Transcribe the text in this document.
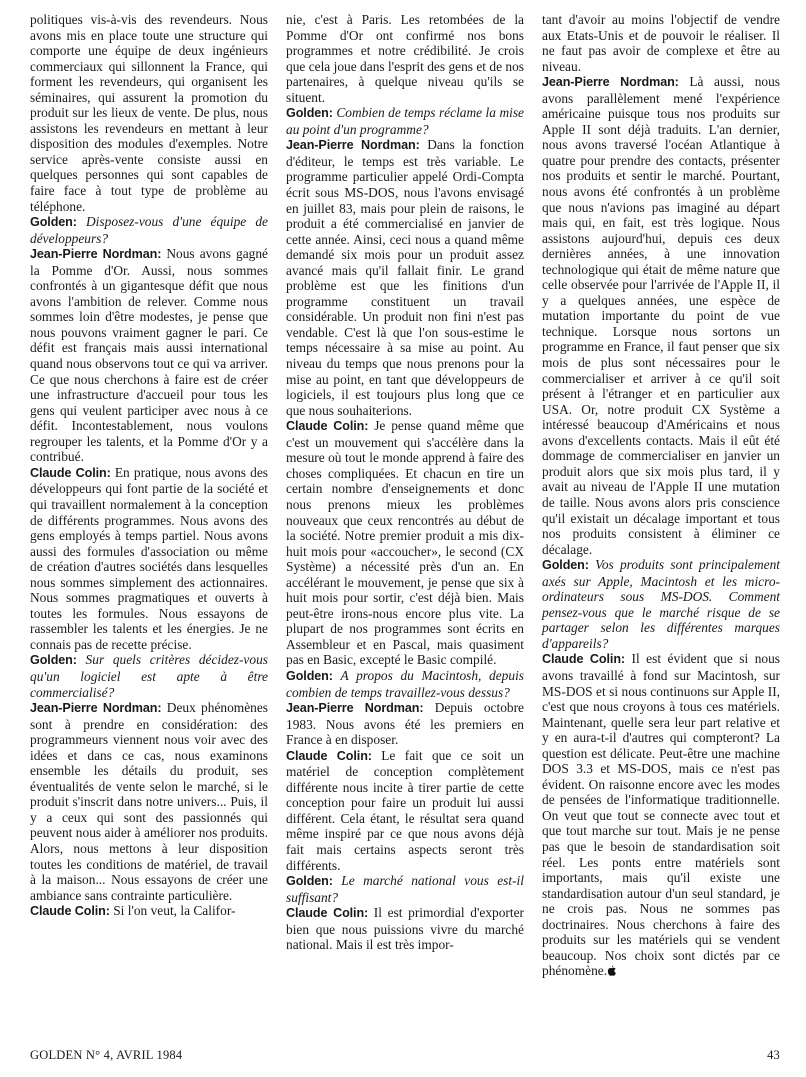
politiques vis-à-vis des revendeurs. Nous avons mis en place toute une structure qui comporte une équipe de deux ingénieurs commerciaux qui sillonnent la France, qui forment les revendeurs, qui organisent les séminaires, qui assurent la promotion du produit sur les lieux de vente. De plus, nous assistons les revendeurs en mettant à leur disposition des modules d'exemples. Notre service après-vente consiste aussi en quelques personnes qui sont capables de faire face à tout type de problème au téléphone.

Golden: Disposez-vous d'une équipe de développeurs?

Jean-Pierre Nordman: Nous avons gagné la Pomme d'Or. Aussi, nous sommes confrontés à un gigantesque défit que nous avons l'ambition de relever. Comme nous sommes loin d'être modestes, je pense que nous pouvons vraiment gagner le pari. Ce défit est français mais aussi international quand nous observons tout ce qui va arriver. Ce que nous cherchons à faire est de créer une infrastructure d'accueil pour tous les gens qui veulent participer avec nous à ce défit. Incontestablement, nous voulons regrouper les talents, et la Pomme d'Or y a contribué.

Claude Colin: En pratique, nous avons des développeurs qui font partie de la société et qui travaillent normalement à la conception de différents programmes. Nous avons des gens employés à temps partiel. Nous avons aussi des formules d'association ou même de création d'autres sociétés dans lesquelles nous sommes simplement des actionnaires. Nous sommes pragmatiques et ouverts à toutes les formules. Nous essayons de rassembler les talents et les énergies. Je ne connais pas de recette précise.

Golden: Sur quels critères décidez-vous qu'un logiciel est apte à être commercialisé?

Jean-Pierre Nordman: Deux phénomènes sont à prendre en considération: des programmeurs viennent nous voir avec des idées et dans ce cas, nous examinons ensemble les détails du produit, ses éventualités de vente selon le marché, si le produit s'inscrit dans notre univers... Puis, il y a ceux qui sont des passionnés qui peuvent nous aider à améliorer nos produits. Alors, nous mettons à leur disposition toutes les conditions de matériel, de travail à la maison... Nous essayons de créer une ambiance sans contrainte particulière.

Claude Colin: Si l'on veut, la Califor-

nie, c'est à Paris. Les retombées de la Pomme d'Or ont confirmé nos bons programmes et notre crédibilité. Je crois que cela joue dans l'esprit des gens et de nos partenaires, à quelque niveau qu'ils se situent.

Golden: Combien de temps réclame la mise au point d'un programme?

Jean-Pierre Nordman: Dans la fonction d'éditeur, le temps est très variable. Le programme particulier appelé Ordi-Compta écrit sous MS-DOS, nous l'avons envisagé en juillet 83, mais pour plein de raisons, le produit a été commercialisé en janvier de cette année. Ainsi, ceci nous a quand même demandé six mois pour un produit assez avancé mais qu'il fallait finir. Le grand problème est que les finitions d'un programme constituent un travail considérable. Un produit non fini n'est pas vendable. C'est là que l'on sous-estime le temps nécessaire à sa mise au point. Au niveau du temps que nous prenons pour la mise au point, en tant que développeurs de logiciels, il est toujours plus long que ce que nous souhaiterions.

Claude Colin: Je pense quand même que c'est un mouvement qui s'accélère dans la mesure où tout le monde apprend à faire des choses compliquées. Et chacun en tire un certain nombre d'enseignements et donc nous prenons mieux les problèmes nouveaux que ceux rencontrés au début de la société. Notre premier produit a mis dix-huit mois pour «accoucher», le second (CX Système) a nécessité près d'un an. En accélérant le mouvement, je pense que six à huit mois pour sortir, c'est déjà bien. Mais peut-être irons-nous encore plus vite. La plupart de nos programmes sont écrits en Assembleur et en Pascal, mais quasiment pas en Basic, excepté le Basic compilé.

Golden: A propos du Macintosh, depuis combien de temps travaillez-vous dessus?

Jean-Pierre Nordman: Depuis octobre 1983. Nous avons été les premiers en France à en disposer.

Claude Colin: Le fait que ce soit un matériel de conception complètement différente nous incite à tirer partie de cette conception pour faire un produit lui aussi différent. Cela étant, le résultat sera quand même inspiré par ce que nous avons déjà fait mais certains aspects seront très différents.

Golden: Le marché national vous est-il suffisant?

Claude Colin: Il est primordial d'exporter bien que nous puissions vivre du marché national. Mais il est très impor-

tant d'avoir au moins l'objectif de vendre aux Etats-Unis et de pouvoir le réaliser. Il ne faut pas avoir de complexe et être au niveau.

Jean-Pierre Nordman: Là aussi, nous avons parallèlement mené l'expérience américaine puisque tous nos produits sur Apple II sont déjà traduits. L'an dernier, nous avons traversé l'océan Atlantique à quatre pour prendre des contacts, présenter nos produits et sentir le marché. Pourtant, nous avons été confrontés à un problème que nous n'avions pas imaginé au départ mais qui, en fait, est très logique. Nous assistons aujourd'hui, depuis ces deux dernières années, à une innovation technologique qui était de même nature que celle observée pour l'arrivée de l'Apple II, il y a quelques années, une espèce de mutation importante du point de vue technique. Lorsque nous sortons un programme en France, il faut penser que six mois de plus sont nécessaires pour le commercialiser et arriver à ce qu'il soit présent à l'étranger et en particulier aux USA. Or, notre produit CX Système a intéressé beaucoup d'Américains et nous avons d'excellents contacts. Mais il eût été dommage de commercialiser en janvier un produit alors que six mois plus tard, il y avait au niveau de l'Apple II une mutation de taille. Nous avons alors pris conscience qu'il existait un décalage important et tous nos produits consistent à éliminer ce décalage.

Golden: Vos produits sont principalement axés sur Apple, Macintosh et les micro-ordinateurs sous MS-DOS. Comment pensez-vous que le marché risque de se partager selon les différentes marques d'appareils?

Claude Colin: Il est évident que si nous avons travaillé à fond sur Macintosh, sur MS-DOS et si nous continuons sur Apple II, c'est que nous croyons à tous ces matériels. Maintenant, quelle sera leur part relative et y en aura-t-il d'autres qui compteront? La question est délicate. Peut-être une machine DOS 3.3 et MS-DOS, mais ce n'est pas évident. On raisonne encore avec les modes de pensées de l'informatique traditionnelle. On veut que tout se connecte avec tout et que tout marche sur tout. Mais je ne pense pas que le besoin de standardisation soit réel. Les ponts entre matériels sont importants, mais qu'il existe une standardisation autour d'un seul standard, je ne crois pas. Nous ne sommes pas doctrinaires. Nous cherchons à faire des produits sur les matériels qui se vendent beaucoup. Nos choix sont dictés par ce phénomène.

GOLDEN N° 4, AVRIL 1984	43
